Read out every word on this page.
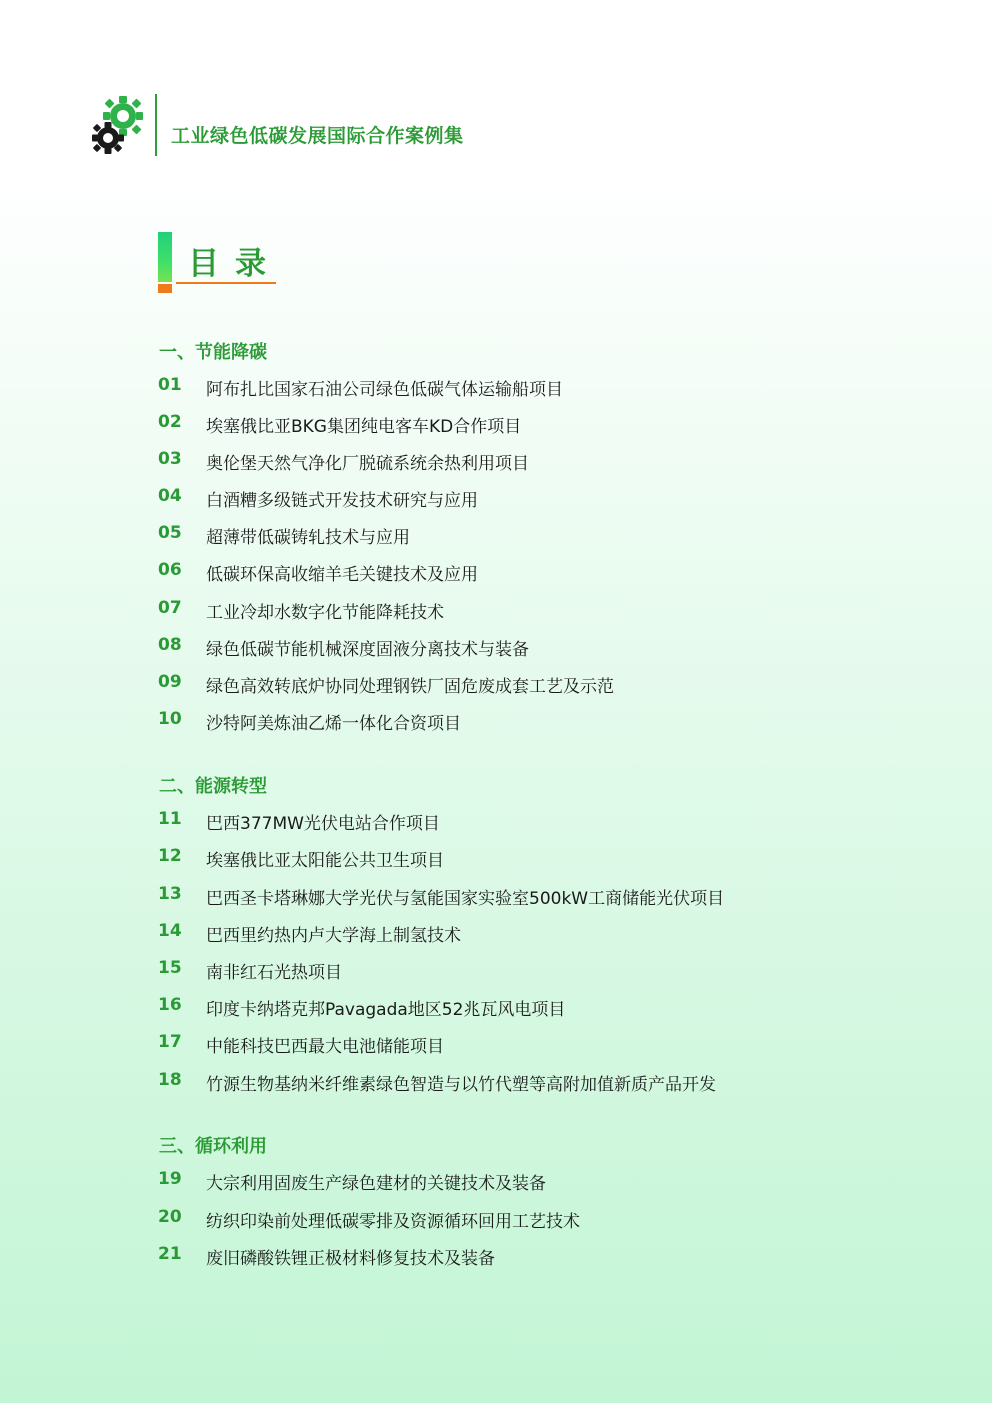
工业绿色低碳发展国际合作案例集
目录
一、节能降碳
01 阿布扎比国家石油公司绿色低碳气体运输船项目
02 埃塞俄比亚BKG集团纯电客车KD合作项目
03 奥伦堡天然气净化厂脱硫系统余热利用项目
04 白酒糟多级链式开发技术研究与应用
05 超薄带低碳铸轧技术与应用
06 低碳环保高收缩羊毛关键技术及应用
07 工业冷却水数字化节能降耗技术
08 绿色低碳节能机械深度固液分离技术与装备
09 绿色高效转底炉协同处理钢铁厂固危废成套工艺及示范
10 沙特阿美炼油乙烯一体化合资项目
二、能源转型
11 巴西377MW光伏电站合作项目
12 埃塞俄比亚太阳能公共卫生项目
13 巴西圣卡塔琳娜大学光伏与氢能国家实验室500kW工商储能光伏项目
14 巴西里约热内卢大学海上制氢技术
15 南非红石光热项目
16 印度卡纳塔克邦Pavagada地区52兆瓦风电项目
17 中能科技巴西最大电池储能项目
18 竹源生物基纳米纤维素绿色智造与以竹代塑等高附加值新质产品开发
三、循环利用
19 大宗利用固废生产绿色建材的关键技术及装备
20 纺织印染前处理低碳零排及资源循环回用工艺技术
21 废旧磷酸铁锂正极材料修复技术及装备
